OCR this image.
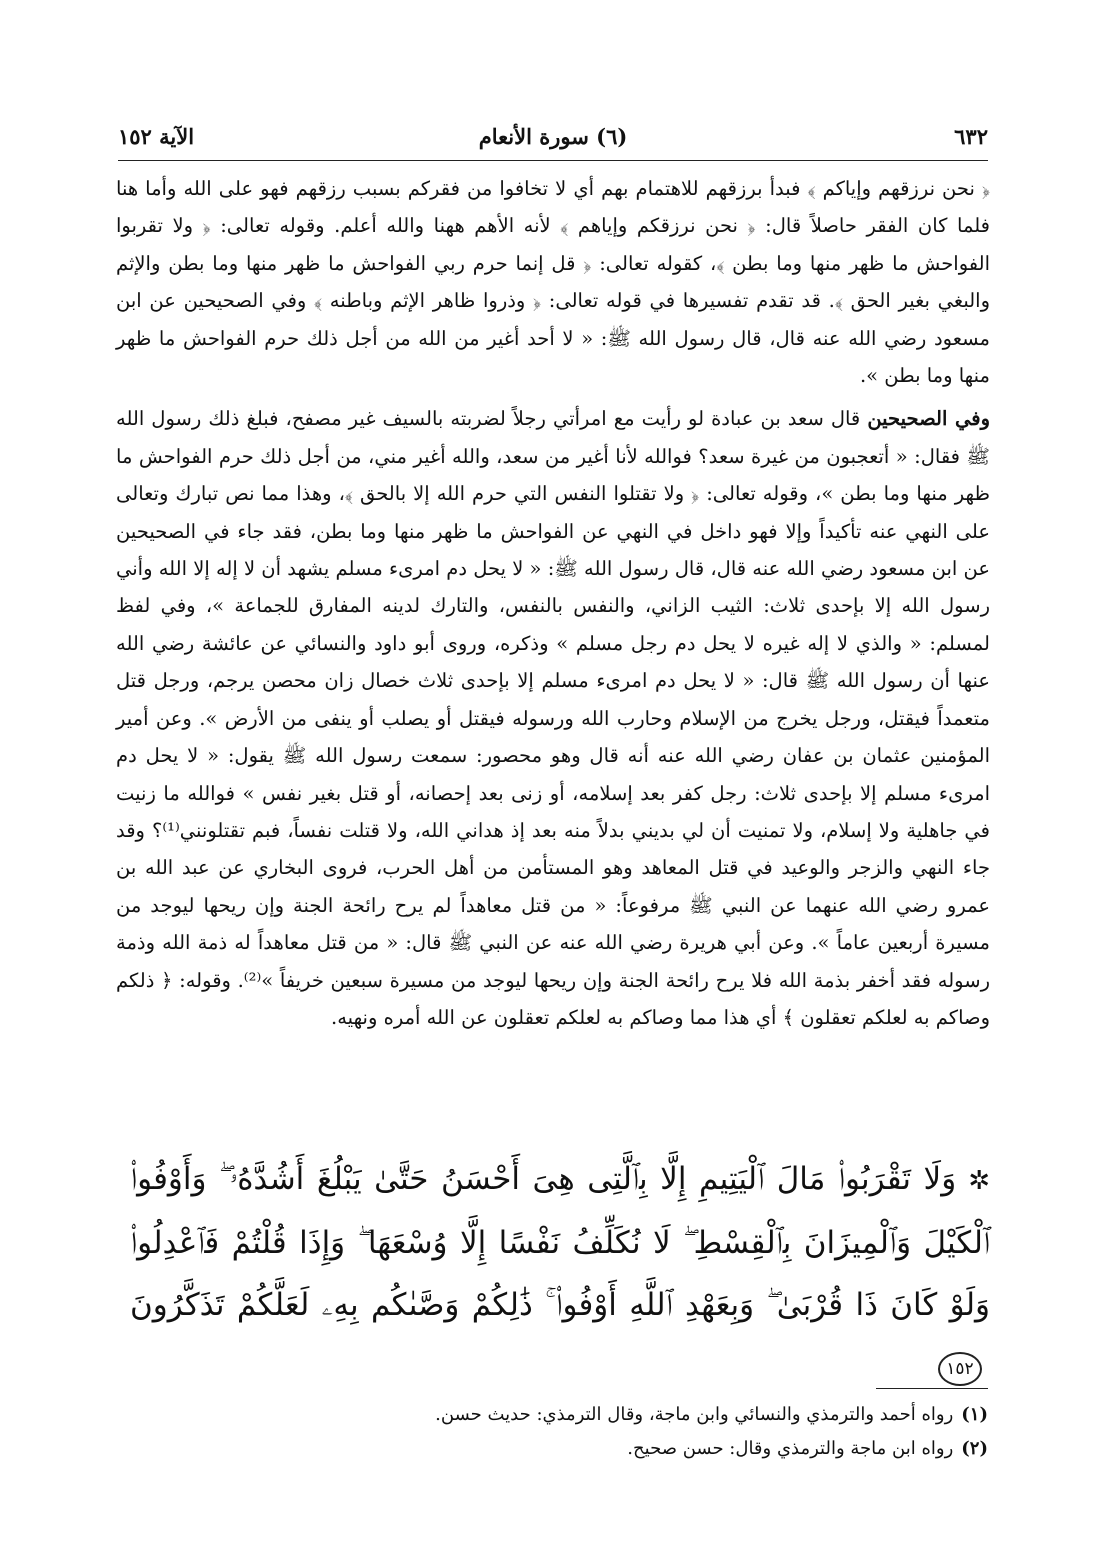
٦٣٢
(٦) سورة الأنعام
الآية ١٥٢

﴿ نحن نرزقهم وإياكم ﴾ فبدأ برزقهم للاهتمام بهم أي لا تخافوا من فقركم بسبب رزقهم فهو على الله وأما هنا فلما كان الفقر حاصلاً قال: ﴿ نحن نرزقكم وإياهم ﴾ لأنه الأهم ههنا والله أعلم. وقوله تعالى: ﴿ ولا تقربوا الفواحش ما ظهر منها وما بطن ﴾، كقوله تعالى: ﴿ قل إنما حرم ربي الفواحش ما ظهر منها وما بطن والإثم والبغي بغير الحق ﴾. قد تقدم تفسيرها في قوله تعالى: ﴿ وذروا ظاهر الإثم وباطنه ﴾ وفي الصحيحين عن ابن مسعود رضي الله عنه قال، قال رسول الله ﷺ: « لا أحد أغير من الله من أجل ذلك حرم الفواحش ما ظهر منها وما بطن ».

وفي الصحيحين قال سعد بن عبادة لو رأيت مع امرأتي رجلاً لضربته بالسيف غير مصفح، فبلغ ذلك رسول الله ﷺ فقال: « أتعجبون من غيرة سعد؟ فوالله لأنا أغير من سعد، والله أغير مني، من أجل ذلك حرم الفواحش ما ظهر منها وما بطن »، وقوله تعالى: ﴿ ولا تقتلوا النفس التي حرم الله إلا بالحق ﴾، وهذا مما نص تبارك وتعالى على النهي عنه تأكيداً وإلا فهو داخل في النهي عن الفواحش ما ظهر منها وما بطن، فقد جاء في الصحيحين عن ابن مسعود رضي الله عنه قال، قال رسول الله ﷺ: « لا يحل دم امرىء مسلم يشهد أن لا إله إلا الله وأني رسول الله إلا بإحدى ثلاث: الثيب الزاني، والنفس بالنفس، والتارك لدينه المفارق للجماعة »، وفي لفظ لمسلم: « والذي لا إله غيره لا يحل دم رجل مسلم » وذكره، وروى أبو داود والنسائي عن عائشة رضي الله عنها أن رسول الله ﷺ قال: « لا يحل دم امرىء مسلم إلا بإحدى ثلاث خصال زان محصن يرجم، ورجل قتل متعمداً فيقتل، ورجل يخرج من الإسلام وحارب الله ورسوله فيقتل أو يصلب أو ينفى من الأرض ». وعن أمير المؤمنين عثمان بن عفان رضي الله عنه أنه قال وهو محصور: سمعت رسول الله ﷺ يقول: « لا يحل دم امرىء مسلم إلا بإحدى ثلاث: رجل كفر بعد إسلامه، أو زنى بعد إحصانه، أو قتل بغير نفس » فوالله ما زنيت في جاهلية ولا إسلام، ولا تمنيت أن لي بديني بدلاً منه بعد إذ هداني الله، ولا قتلت نفساً، فبم تقتلونني⁽¹⁾؟ وقد جاء النهي والزجر والوعيد في قتل المعاهد وهو المستأمن من أهل الحرب، فروى البخاري عن عبد الله بن عمرو رضي الله عنهما عن النبي ﷺ مرفوعاً: « من قتل معاهداً لم يرح رائحة الجنة وإن ريحها ليوجد من مسيرة أربعين عاماً ». وعن أبي هريرة رضي الله عنه عن النبي ﷺ قال: « من قتل معاهداً له ذمة الله وذمة رسوله فقد أخفر بذمة الله فلا يرح رائحة الجنة وإن ريحها ليوجد من مسيرة سبعين خريفاً »⁽²⁾. وقوله: ﴿ ذلكم وصاكم به لعلكم تعقلون ﴾ أي هذا مما وصاكم به لعلكم تعقلون عن الله أمره ونهيه.

✲وَلَا تَقْرَبُوا۟ مَالَ ٱلْيَتِيمِ إِلَّا بِٱلَّتِى هِىَ أَحْسَنُ حَتَّىٰ يَبْلُغَ أَشُدَّهُۥ ۖ وَأَوْفُوا۟ ٱلْكَيْلَ وَٱلْمِيزَانَ بِٱلْقِسْطِ ۖ لَا نُكَلِّفُ نَفْسًا إِلَّا وُسْعَهَا ۖ وَإِذَا قُلْتُمْ فَٱعْدِلُوا۟ وَلَوْ كَانَ ذَا قُرْبَىٰ ۖ وَبِعَهْدِ ٱللَّهِ أَوْفُوا۟ ۚ ذَٰلِكُمْ وَصَّىٰكُم بِهِۦ لَعَلَّكُمْ تَذَكَّرُونَ١٥٢
(١)رواه أحمد والترمذي والنسائي وابن ماجة، وقال الترمذي: حديث حسن.
(٢)رواه ابن ماجة والترمذي وقال: حسن صحيح.
